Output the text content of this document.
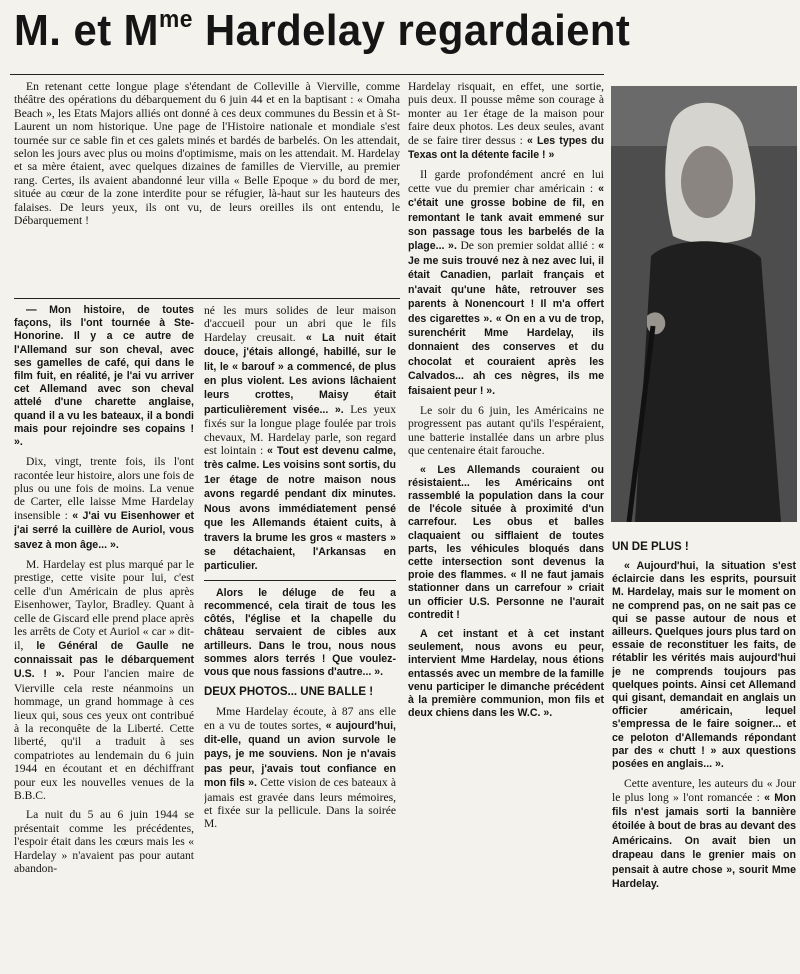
M. et $M^{me}$ Hardelay regardaient

En retenant cette longue plage s'étendant de Colleville à Vierville, comme théâtre des opérations du débarquement du 6 juin 44 et en la baptisant : « Omaha Beach », les Etats Majors alliés ont donné à ces deux communes du Bessin et à St-Laurent un nom historique. Une page de l'Histoire nationale et mondiale s'est tournée sur ce sable fin et ces galets minés et bardés de barbelés. On les attendait, selon les jours avec plus ou moins d'optimisme, mais on les attendait. M. Hardelay et sa mère étaient, avec quelques dizaines de familles de Vierville, au premier rang. Certes, ils avaient abandonné leur villa « Belle Epoque » du bord de mer, située au cœur de la zone interdite pour se réfugier, là-haut sur les hauteurs des falaises. De leurs yeux, ils ont vu, de leurs oreilles ils ont entendu, le Débarquement !

— Mon histoire, de toutes façons, ils l'ont tournée à Ste-Honorine. Il y a ce autre de l'Allemand sur son cheval, avec ses gamelles de café, qui dans le film fuit, en réalité, je l'ai vu arriver cet Allemand avec son cheval attelé d'une charette anglaise, quand il a vu les bateaux, il a bondi mais pour rejoindre ses copains ! ».

Dix, vingt, trente fois, ils l'ont racontée leur histoire, alors une fois de plus ou une fois de moins. La venue de Carter, elle laisse Mme Hardelay insensible : « J'ai vu Eisenhower et j'ai serré la cuillère de Auriol, vous savez à mon âge... ».

M. Hardelay est plus marqué par le prestige, cette visite pour lui, c'est celle d'un Américain de plus après Eisenhower, Taylor, Bradley. Quant à celle de Giscard elle prend place après les arrêts de Coty et Auriol « car » dit-il, le Général de Gaulle ne connaissait pas le débarquement U.S. ! ». Pour l'ancien maire de Vierville cela reste néanmoins un hommage, un grand hommage à ces lieux qui, sous ces yeux ont contribué à la reconquête de la Liberté. Cette liberté, qu'il a traduit à ses compatriotes au lendemain du 6 juin 1944 en écoutant et en déchiffrant pour eux les nouvelles venues de la B.B.C.

La nuit du 5 au 6 juin 1944 se présentait comme les précédentes, l'espoir était dans les cœurs mais les « Hardelay » n'avaient pas pour autant abandon-

né les murs solides de leur maison d'accueil pour un abri que le fils Hardelay creusait. « La nuit était douce, j'étais allongé, habillé, sur le lit, le « barouf » a commencé, de plus en plus violent. Les avions lâchaient leurs crottes, Maisy était particulièrement visée... ». Les yeux fixés sur la longue plage foulée par trois chevaux, M. Hardelay parle, son regard est lointain : « Tout est devenu calme, très calme. Les voisins sont sortis, du 1er étage de notre maison nous avons regardé pendant dix minutes. Nous avons immédiatement pensé que les Allemands étaient cuits, à travers la brume les gros « masters » se détachaient, l'Arkansas en particulier.

Alors le déluge de feu a recommencé, cela tirait de tous les côtés, l'église et la chapelle du château servaient de cibles aux artilleurs. Dans le trou, nous nous sommes alors terrés ! Que voulez-vous que nous fassions d'autre... ».

DEUX PHOTOS... UNE BALLE !

Mme Hardelay écoute, à 87 ans elle en a vu de toutes sortes, « aujourd'hui, dit-elle, quand un avion survole le pays, je me souviens. Non je n'avais pas peur, j'avais tout confiance en mon fils ». Cette vision de ces bateaux à jamais est gravée dans leurs mémoires, et fixée sur la pellicule. Dans la soirée M.

Hardelay risquait, en effet, une sortie, puis deux. Il pousse même son courage à monter au 1er étage de la maison pour faire deux photos. Les deux seules, avant de se faire tirer dessus : « Les types du Texas ont la détente facile ! »

Il garde profondément ancré en lui cette vue du premier char américain : « c'était une grosse bobine de fil, en remontant le tank avait emmené sur son passage tous les barbelés de la plage... ». De son premier soldat allié : « Je me suis trouvé nez à nez avec lui, il était Canadien, parlait français et n'avait qu'une hâte, retrouver ses parents à Nonencourt ! Il m'a offert des cigarettes ». « On en a vu de trop, surenchérit Mme Hardelay, ils donnaient des conserves et du chocolat et couraient après les Calvados... ah ces nègres, ils me faisaient peur ! ».

Le soir du 6 juin, les Américains ne progressent pas autant qu'ils l'espéraient, une batterie installée dans un arbre plus que centenaire était farouche.

« Les Allemands couraient ou résistaient... les Américains ont rassemblé la population dans la cour de l'école située à proximité d'un carrefour. Les obus et balles claquaient ou sifflaient de toutes parts, les véhicules bloqués dans cette intersection sont devenus la proie des flammes. « Il ne faut jamais stationner dans un carrefour » criait un officier U.S. Personne ne l'aurait contredit !

A cet instant et à cet instant seulement, nous avons eu peur, intervient Mme Hardelay, nous étions entassés avec un membre de la famille venu participer le dimanche précédent à la première communion, mon fils et deux chiens dans les W.C. ».

UN DE PLUS !

« Aujourd'hui, la situation s'est éclaircie dans les esprits, poursuit M. Hardelay, mais sur le moment on ne comprend pas, on ne sait pas ce qui se passe autour de nous et ailleurs. Quelques jours plus tard on essaie de reconstituer les faits, de rétablir les vérités mais aujourd'hui je ne comprends toujours pas quelques points. Ainsi cet Allemand qui gisant, demandait en anglais un officier américain, lequel s'empressa de le faire soigner... et ce peloton d'Allemands répondant par des « chutt ! » aux questions posées en anglais... ».

Cette aventure, les auteurs du « Jour le plus long » l'ont romancée : « Mon fils n'est jamais sorti la bannière étoilée à bout de bras au devant des Américains. On avait bien un drapeau dans le grenier mais on pensait à autre chose », sourit Mme Hardelay.
